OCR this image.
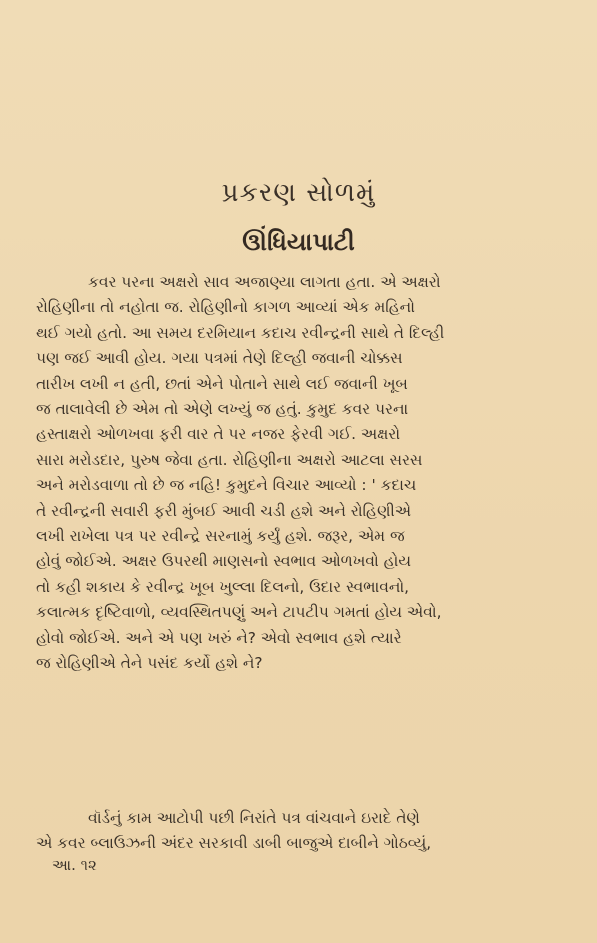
પ્રકરણ સોળમું
ઊંધિયાપાટી
કવર પરના અક્ષરો સાવ અજાણ્યા લાગતા હતા. એ અક્ષરો
રોહિણીના તો નહોતા જ. રોહિણીનો કાગળ આવ્યાં એક મહિનો
થઈ ગયો હતો. આ સમય દરમિયાન કદાચ રવીન્દ્રની સાથે તે દિલ્હી
પણ જઈ આવી હોય. ગયા પત્રમાં તેણે દિલ્હી જવાની ચોક્કસ
તારીખ લખી ન હતી, છતાં એને પોતાને સાથે લઈ જવાની ખૂબ
જ તાલાવેલી છે એમ તો એણે લખ્યું જ હતું. કુમુદ કવર પરના
હસ્તાક્ષરો ઓળખવા ફરી વાર તે પર નજર ફેરવી ગઈ. અક્ષરો
સારા મરોડદાર, પુરુષ જેવા હતા. રોહિણીના અક્ષરો આટલા સરસ
અને મરોડવાળા તો છે જ નહિ! કુમુદને વિચાર આવ્યો : ' કદાચ
તે રવીન્દ્રની સવારી ફરી મુંબઈ આવી ચડી હશે અને રોહિણીએ
લખી રાખેલા પત્ર પર રવીન્દ્રે સરનામું કર્યું હશે. જરૂર, એમ જ
હોવું જોઈએ. અક્ષર ઉપરથી માણસનો સ્વભાવ ઓળખવો હોય
તો કહી શકાય કે રવીન્દ્ર ખૂબ ખુલ્લા દિલનો, ઉદાર સ્વભાવનો,
કલાત્મક દૃષ્ટિવાળો, વ્યવસ્થિતપણું અને ટાપટીપ ગમતાં હોય એવો,
હોવો જોઈએ. અને એ પણ ખરું ને? એવો સ્વભાવ હશે ત્યારે
જ રોહિણીએ તેને પસંદ કર્યો હશે ને?
વૉર્ડનું કામ આટોપી પછી નિરાંતે પત્ર વાંચવાને ઇરાદે તેણે
એ કવર બ્લાઉઝની અંદર સરકાવી ડાબી બાજુએ દાબીને ગોઠવ્યું,
આ. ૧૨
